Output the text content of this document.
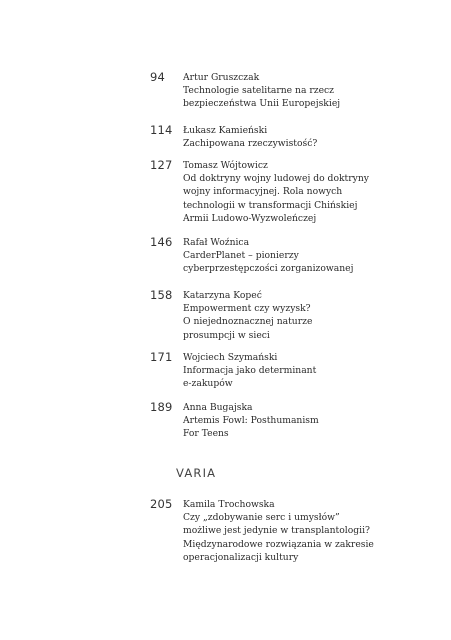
94	Artur Gruszczak
Technologie satelitarne na rzecz
bezpieczeństwa Unii Europejskiej
114	Łukasz Kamieński
Zachipowana rzeczywistość?
127	Tomasz Wójtowicz
Od doktryny wojny ludowej do doktryny
wojny informacyjnej. Rola nowych
technologii w transformacji Chińskiej
Armii Ludowo-Wyzwoleńczej
146	Rafał Woźnica
CarderPlanet – pionierzy
cyberprzestępczości zorganizowanej
158	Katarzyna Kopeć
Empowerment czy wyzysk?
O niejednoznacznej naturze
prosumpcji w sieci
171	Wojciech Szymański
Informacja jako determinant
e-zakupów
189	Anna Bugajska
Artemis Fowl: Posthumanism
For Teens
VARIA
205	Kamila Trochowska
Czy „zdobywanie serc i umysłów”
możliwe jest jedynie w transplantologii?
Międzynarodowe rozwiązania w zakresie
operacjonalizacji kultury
